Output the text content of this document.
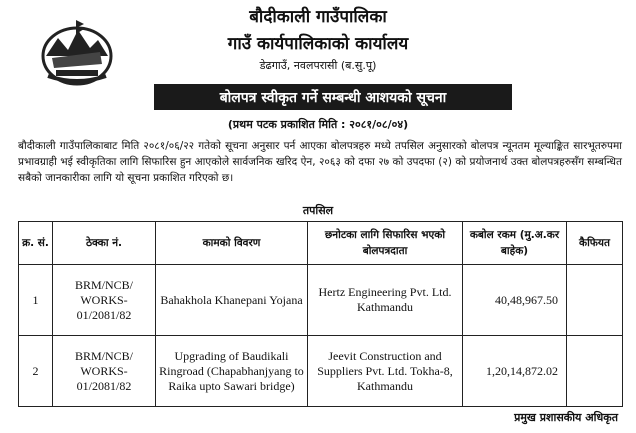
बौदीकाली गाउँपालिका
गाउँ कार्यपालिकाको कार्यालय
डेढगाउँ, नवलपरासी (ब.सु.पू)
बोलपत्र स्वीकृत गर्ने सम्बन्धी आशयको सूचना
(प्रथम पटक प्रकाशित मिति : २०८१/०८/०४)
बौदीकाली गाउँपालिकाबाट मिति २०८१/०६/२२ गतेको सूचना अनुसार पर्न आएका बोलपत्रहरु मध्ये तपसिल अनुसारको बोलपत्र न्यूनतम मूल्याङ्कित सारभूतरुपमा प्रभावग्राही भई स्वीकृतिका लागि सिफारिस हुन आएकोले सार्वजनिक खरिद ऐन, २०६३ को दफा २७ को उपदफा (२) को प्रयोजनार्थ उक्त बोलपत्रहरुसँग सम्बन्धित सबैको जानकारीका लागि यो सूचना प्रकाशित गरिएको छ।
तपसिल
क्र. सं.	ठेक्का नं.	कामको विवरण	छनोटका लागि सिफारिस भएको बोलपत्रदाता	कबोल रकम (मु.अ.कर बाहेक)	कैफियत
1	BRM/NCB/ WORKS- 01/2081/82	Bahakhola Khanepani Yojana	Hertz Engineering Pvt. Ltd. Kathmandu	40,48,967.50	
2	BRM/NCB/ WORKS- 01/2081/82	Upgrading of Baudikali Ringroad (Chapabhanjyang to Raika upto Sawari bridge)	Jeevit Construction and Suppliers Pvt. Ltd. Tokha-8, Kathmandu	1,20,14,872.02	
प्रमुख प्रशासकीय अधिकृत
